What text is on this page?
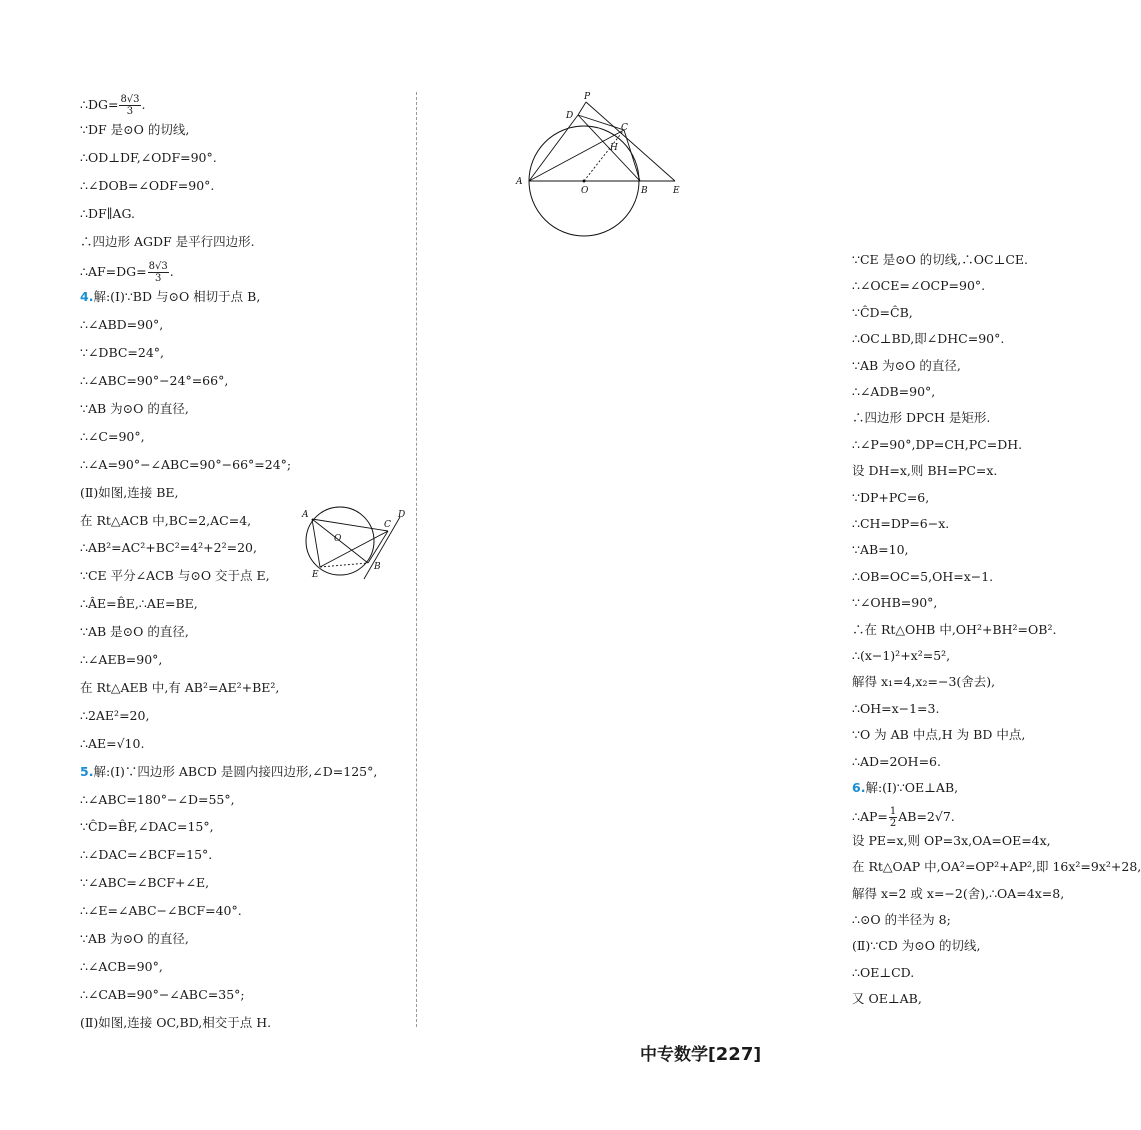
∴DG= $\frac{8√3}{3}$ .
∵DF 是⊙O 的切线,
∴OD⊥DF,∠ODF=90°.
∴∠DOB=∠ODF=90°.
∴DF∥AG.
∴四边形 AGDF 是平行四边形.
∴AF=DG= $\frac{8√3}{3}$ .
4.解:(Ⅰ)∵BD 与⊙O 相切于点 B,
∴∠ABD=90°,
∵∠DBC=24°,
∴∠ABC=90°−24°=66°,
∵AB 为⊙O 的直径,
∴∠C=90°,
∴∠A=90°−∠ABC=90°−66°=24°;
(Ⅱ)如图,连接 BE,
在 Rt△ACB 中,BC=2,AC=4,
∴AB²=AC²+BC²=4²+2²=20,
∵CE 平分∠ACB 与⊙O 交于点 E,
∴ÂE=B̂E,∴AE=BE,
∵AB 是⊙O 的直径,
∴∠AEB=90°,
在 Rt△AEB 中,有 AB²=AE²+BE²,
∴2AE²=20,
∴AE=√10.
5.解:(Ⅰ)∵四边形 ABCD 是圆内接四边形,∠D=125°,
∴∠ABC=180°−∠D=55°,
∵ĈD=B̂F,∠DAC=15°,
∴∠DAC=∠BCF=15°.
∵∠ABC=∠BCF+∠E,
∴∠E=∠ABC−∠BCF=40°.
∵AB 为⊙O 的直径,
∴∠ACB=90°,
∴∠CAB=90°−∠ABC=35°;
(Ⅱ)如图,连接 OC,BD,相交于点 H.
∵CE 是⊙O 的切线,∴OC⊥CE.
∴∠OCE=∠OCP=90°.
∵ĈD=ĈB,
∴OC⊥BD,即∠DHC=90°.
∵AB 为⊙O 的直径,
∴∠ADB=90°,
∴四边形 DPCH 是矩形.
∴∠P=90°,DP=CH,PC=DH.
设 DH=x,则 BH=PC=x.
∵DP+PC=6,
∴CH=DP=6−x.
∵AB=10,
∴OB=OC=5,OH=x−1.
∵∠OHB=90°,
∴在 Rt△OHB 中,OH²+BH²=OB².
∴(x−1)²+x²=5²,
解得 x₁=4,x₂=−3(舍去),
∴OH=x−1=3.
∵O 为 AB 中点,H 为 BD 中点,
∴AD=2OH=6.
6.解:(Ⅰ)∵OE⊥AB,
∴AP= $\frac{1}{2} AB=2√7$.
设 PE=x,则 OP=3x,OA=OE=4x,
在 Rt△OAP 中,OA²=OP²+AP²,即 16x²=9x²+28,
解得 x=2 或 x=−2(舍),∴OA=4x=8,
∴⊙O 的半径为 8;
(Ⅱ)∵CD 为⊙O 的切线,
∴OE⊥CD.
又 OE⊥AB,
A
C
D
O
E
B
P
D
C
H
A
O	B	E
中专数学[227]
